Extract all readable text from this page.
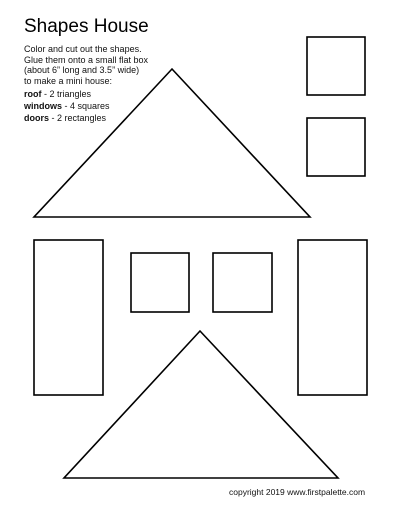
Shapes House
Color and cut out the shapes.
Glue them onto a small flat box
(about 6” long and 3.5” wide)
to make a mini house:
roof - 2 triangles
windows - 4 squares
doors - 2 rectangles
copyright 2019 www.firstpalette.com
